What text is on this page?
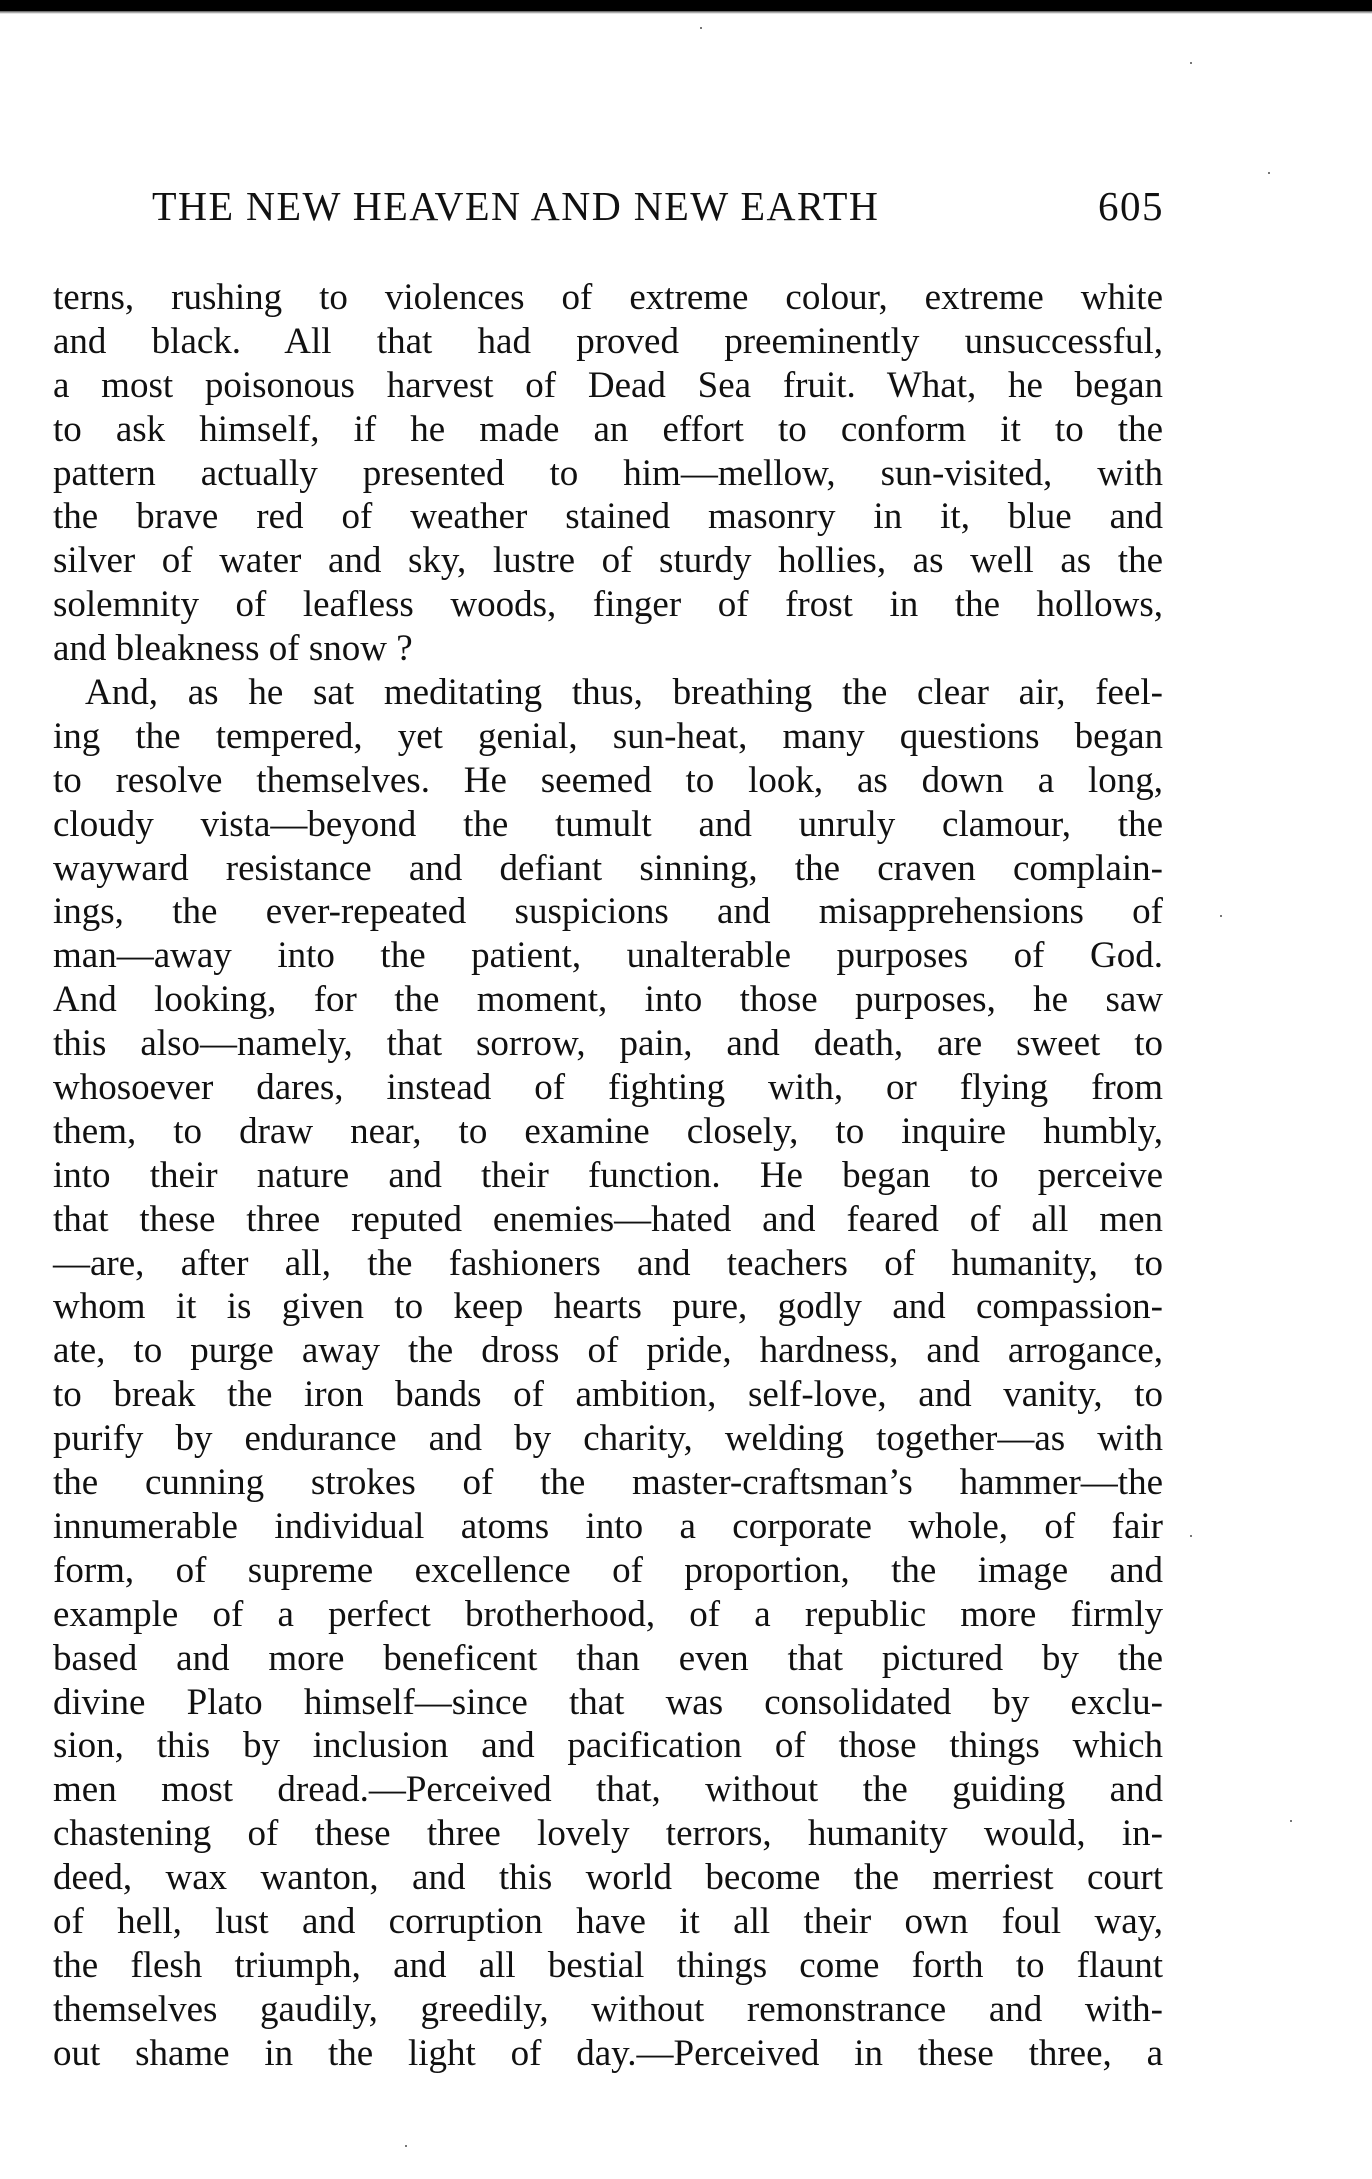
THE NEW HEAVEN AND NEW EARTH	605
terns, rushing to violences of extreme colour, extreme white
and black. All that had proved preeminently unsuccessful,
a most poisonous harvest of Dead Sea fruit. What, he began
to ask himself, if he made an effort to conform it to the
pattern actually presented to him—mellow, sun-visited, with
the brave red of weather stained masonry in it, blue and
silver of water and sky, lustre of sturdy hollies, as well as the
solemnity of leafless woods, finger of frost in the hollows,
and bleakness of snow ?
And, as he sat meditating thus, breathing the clear air, feel-
ing the tempered, yet genial, sun-heat, many questions began
to resolve themselves. He seemed to look, as down a long,
cloudy vista—beyond the tumult and unruly clamour, the
wayward resistance and defiant sinning, the craven complain-
ings, the ever-repeated suspicions and misapprehensions of
man—away into the patient, unalterable purposes of God.
And looking, for the moment, into those purposes, he saw
this also—namely, that sorrow, pain, and death, are sweet to
whosoever dares, instead of fighting with, or flying from
them, to draw near, to examine closely, to inquire humbly,
into their nature and their function. He began to perceive
that these three reputed enemies—hated and feared of all men
—are, after all, the fashioners and teachers of humanity, to
whom it is given to keep hearts pure, godly and compassion-
ate, to purge away the dross of pride, hardness, and arrogance,
to break the iron bands of ambition, self-love, and vanity, to
purify by endurance and by charity, welding together—as with
the cunning strokes of the master-craftsman’s hammer—the
innumerable individual atoms into a corporate whole, of fair
form, of supreme excellence of proportion, the image and
example of a perfect brotherhood, of a republic more firmly
based and more beneficent than even that pictured by the
divine Plato himself—since that was consolidated by exclu-
sion, this by inclusion and pacification of those things which
men most dread.—Perceived that, without the guiding and
chastening of these three lovely terrors, humanity would, in-
deed, wax wanton, and this world become the merriest court
of hell, lust and corruption have it all their own foul way,
the flesh triumph, and all bestial things come forth to flaunt
themselves gaudily, greedily, without remonstrance and with-
out shame in the light of day.—Perceived in these three, a
